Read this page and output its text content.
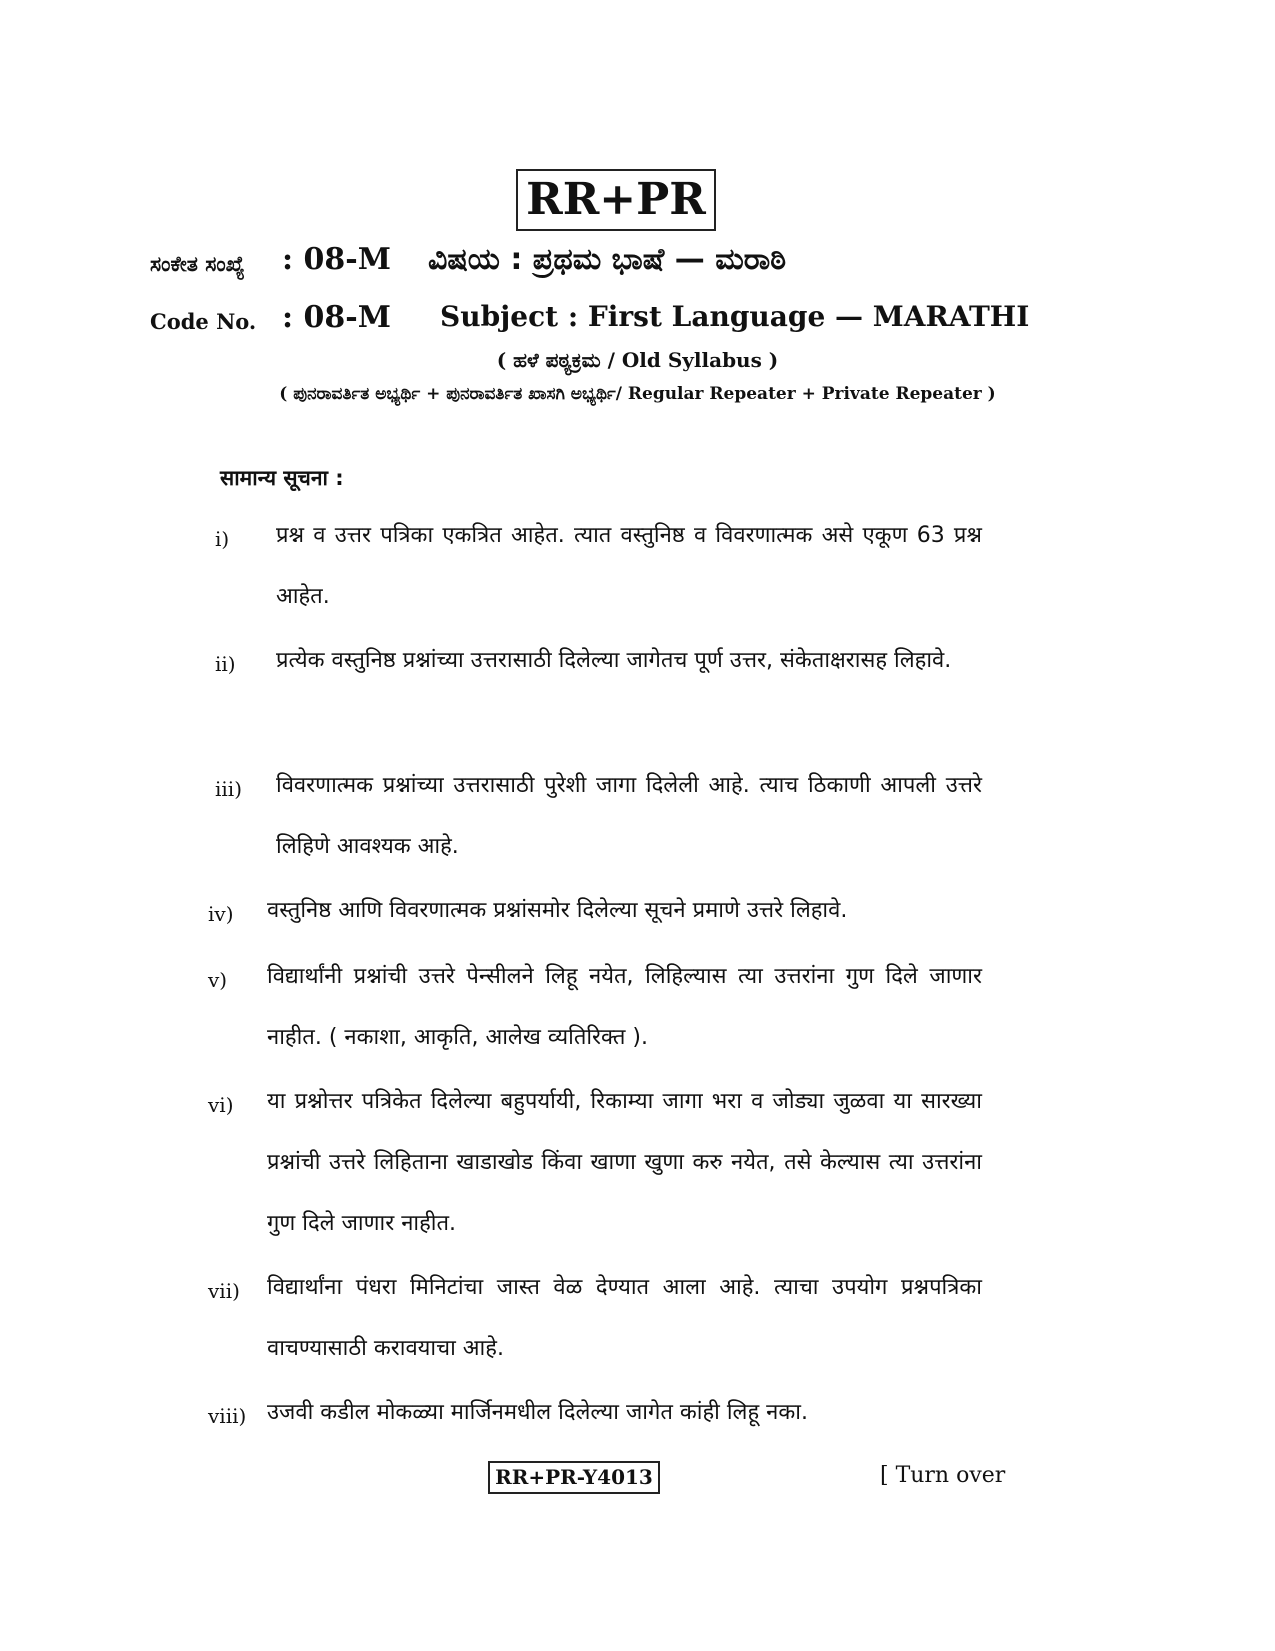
RR+PR
ಸಂಕೇತ ಸಂಖ್ಯೆ : 08-M ವಿಷಯ : ಪ್ರಥಮ ಭಾಷೆ — ಮರಾಠಿ
Code No. : 08-M Subject : First Language — MARATHI
( ಹಳೆ ಪಠ್ಯಕ್ರಮ / Old Syllabus )
( ಪುನರಾವರ್ತಿತ ಅಭ್ಯರ್ಥಿ + ಪುನರಾವರ್ತಿತ ಖಾಸಗಿ ಅಭ್ಯರ್ಥಿ/ Regular Repeater + Private Repeater )
सामान्य सूचना :
i) प्रश्न व उत्तर पत्रिका एकत्रित आहेत. त्यात वस्तुनिष्ठ व विवरणात्मक असे एकूण 63 प्रश्न आहेत.
ii) प्रत्येक वस्तुनिष्ठ प्रश्नांच्या उत्तरासाठी दिलेल्या जागेतच पूर्ण उत्तर, संकेताक्षरासह लिहावे.
iii) विवरणात्मक प्रश्नांच्या उत्तरासाठी पुरेशी जागा दिलेली आहे. त्याच ठिकाणी आपली उत्तरे लिहिणे आवश्यक आहे.
iv) वस्तुनिष्ठ आणि विवरणात्मक प्रश्नांसमोर दिलेल्या सूचने प्रमाणे उत्तरे लिहावे.
v) विद्यार्थांनी प्रश्नांची उत्तरे पेन्सीलने लिहू नयेत, लिहिल्यास त्या उत्तरांना गुण दिले जाणार नाहीत. ( नकाशा, आकृति, आलेख व्यतिरिक्त ).
vi) या प्रश्नोत्तर पत्रिकेत दिलेल्या बहुपर्यायी, रिकाम्या जागा भरा व जोड्या जुळवा या सारख्या प्रश्नांची उत्तरे लिहिताना खाडाखोड किंवा खाणा खुणा करु नयेत, तसे केल्यास त्या उत्तरांना गुण दिले जाणार नाहीत.
vii) विद्यार्थांना पंधरा मिनिटांचा जास्त वेळ देण्यात आला आहे. त्याचा उपयोग प्रश्नपत्रिका वाचण्यासाठी करावयाचा आहे.
viii) उजवी कडील मोकळ्या मार्जिनमधील दिलेल्या जागेत कांही लिहू नका.
RR+PR-Y4013	[ Turn over
